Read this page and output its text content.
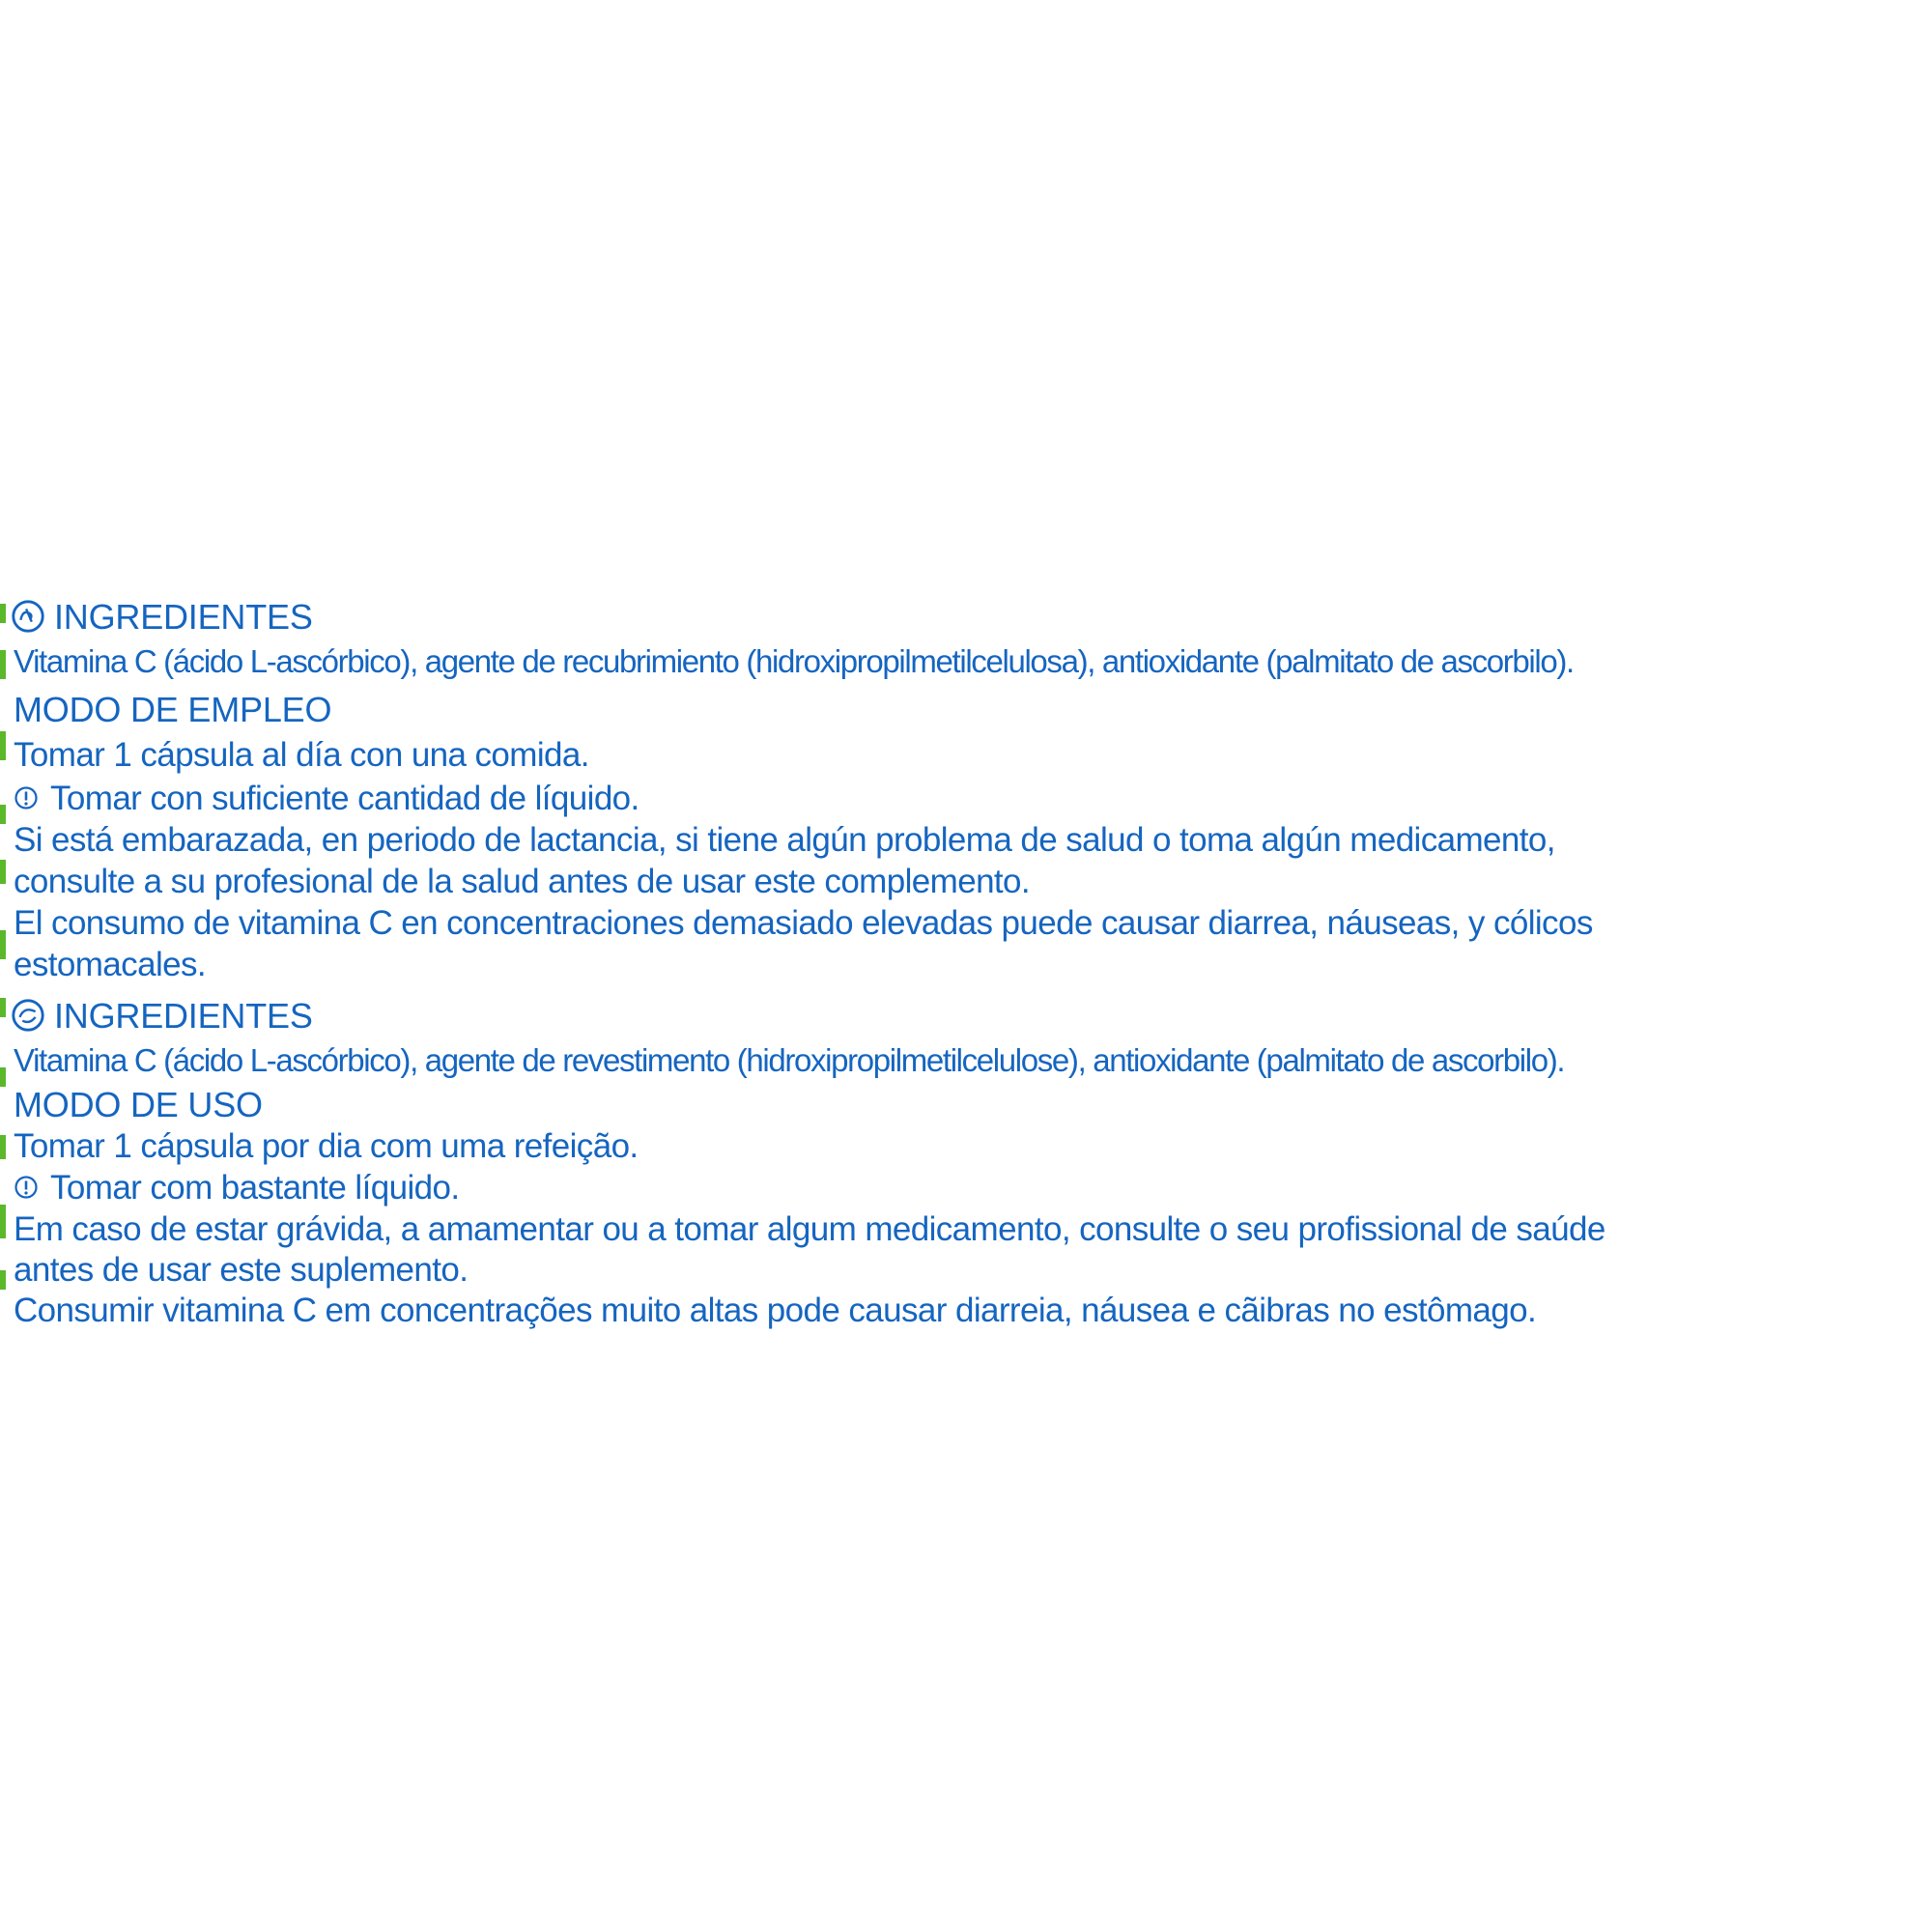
INGREDIENTES
Vitamina C (ácido L-ascórbico), agente de recubrimiento (hidroxipropilmetilcelulosa), antioxidante (palmitato de ascorbilo).
MODO DE EMPLEO
Tomar 1 cápsula al día con una comida.
Tomar con suficiente cantidad de líquido.
Si está embarazada, en periodo de lactancia, si tiene algún problema de salud o toma algún medicamento,
consulte a su profesional de la salud antes de usar este complemento.
El consumo de vitamina C en concentraciones demasiado elevadas puede causar diarrea, náuseas, y cólicos
estomacales.
INGREDIENTES
Vitamina C (ácido L-ascórbico), agente de revestimento (hidroxipropilmetilcelulose), antioxidante (palmitato de ascorbilo).
MODO DE USO
Tomar 1 cápsula por dia com uma refeição.
Tomar com bastante líquido.
Em caso de estar grávida, a amamentar ou a tomar algum medicamento, consulte o seu profissional de saúde
antes de usar este suplemento.
Consumir vitamina C em concentrações muito altas pode causar diarreia, náusea e cãibras no estômago.
